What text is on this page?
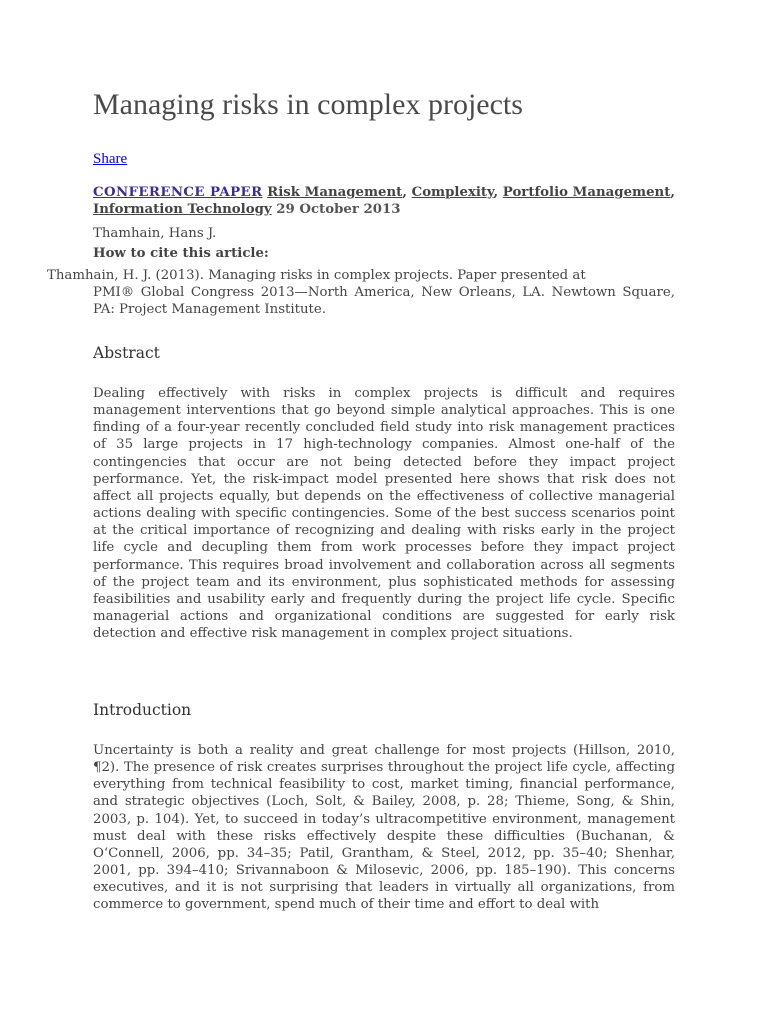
Managing risks in complex projects
Share
CONFERENCE PAPER Risk Management, Complexity, Portfolio Management, Information Technology 29 October 2013
Thamhain, Hans J.
How to cite this article:
Thamhain, H. J. (2013). Managing risks in complex projects. Paper presented at
PMI® Global Congress 2013—North America, New Orleans, LA. Newtown Square, PA: Project Management Institute.
Abstract

Dealing effectively with risks in complex projects is difficult and requires management interventions that go beyond simple analytical approaches. This is one finding of a four-year recently concluded field study into risk management practices of 35 large projects in 17 high-technology companies. Almost one-half of the contingencies that occur are not being detected before they impact project performance. Yet, the risk-impact model presented here shows that risk does not affect all projects equally, but depends on the effectiveness of collective managerial actions dealing with specific contingencies. Some of the best success scenarios point at the critical importance of recognizing and dealing with risks early in the project life cycle and decupling them from work processes before they impact project performance. This requires broad involvement and collaboration across all segments of the project team and its environment, plus sophisticated methods for assessing feasibilities and usability early and frequently during the project life cycle. Specific managerial actions and organizational conditions are suggested for early risk detection and effective risk management in complex project situations.

Introduction

Uncertainty is both a reality and great challenge for most projects (Hillson, 2010, ¶2). The presence of risk creates surprises throughout the project life cycle, affecting everything from technical feasibility to cost, market timing, financial performance, and strategic objectives (Loch, Solt, & Bailey, 2008, p. 28; Thieme, Song, & Shin, 2003, p. 104). Yet, to succeed in today’s ultracompetitive environment, management must deal with these risks effectively despite these difficulties (Buchanan, & O‘Connell, 2006, pp. 34–35; Patil, Grantham, & Steel, 2012, pp. 35–40; Shenhar, 2001, pp. 394–410; Srivannaboon & Milosevic, 2006, pp. 185–190). This concerns executives, and it is not surprising that leaders in virtually all organizations, from commerce to government, spend much of their time and effort to deal with
